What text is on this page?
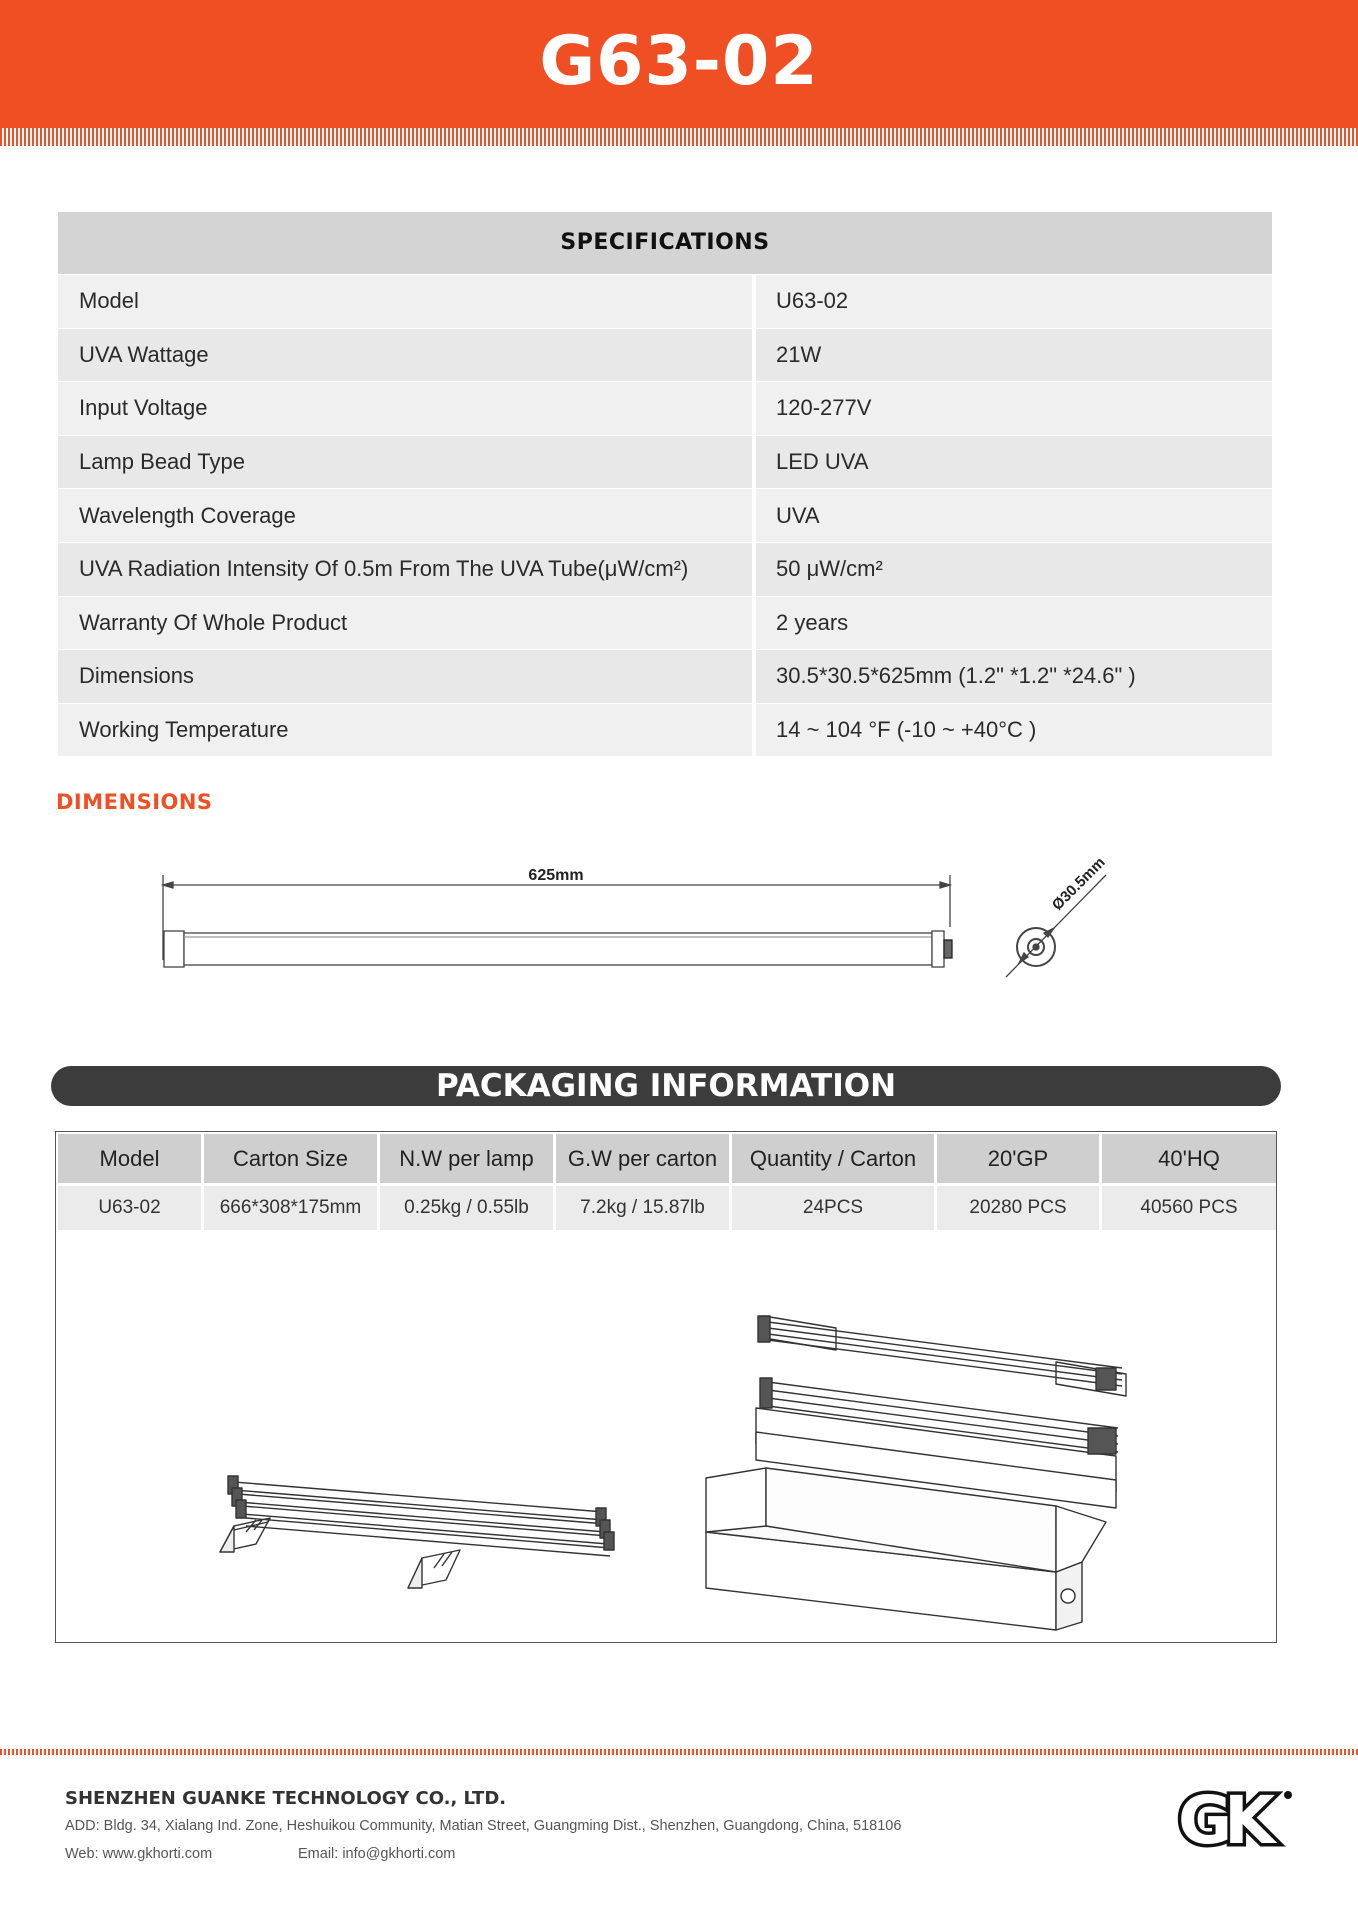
G63-02
SPECIFICATIONS
Model	U63-02
UVA Wattage	21W
Input Voltage	120-277V
Lamp Bead Type	LED UVA
Wavelength Coverage	UVA
UVA Radiation Intensity Of 0.5m From The UVA Tube(μW/cm²)	50 μW/cm²
Warranty Of Whole Product	2 years
Dimensions	30.5*30.5*625mm (1.2" *1.2" *24.6" )
Working Temperature	14 ~ 104 °F (-10 ~ +40°C )
DIMENSIONS
625mm	Ø30.5mm
PACKAGING INFORMATION
Model	Carton Size	N.W per lamp	G.W per carton	Quantity / Carton	20'GP	40'HQ
U63-02	666*308*175mm	0.25kg / 0.55lb	7.2kg / 15.87lb	24PCS	20280 PCS	40560 PCS
SHENZHEN GUANKE TECHNOLOGY CO., LTD.
ADD: Bldg. 34, Xialang Ind. Zone, Heshuikou Community, Matian Street, Guangming Dist., Shenzhen, Guangdong, China, 518106
Web: www.gkhorti.com	Email: info@gkhorti.com	GK
